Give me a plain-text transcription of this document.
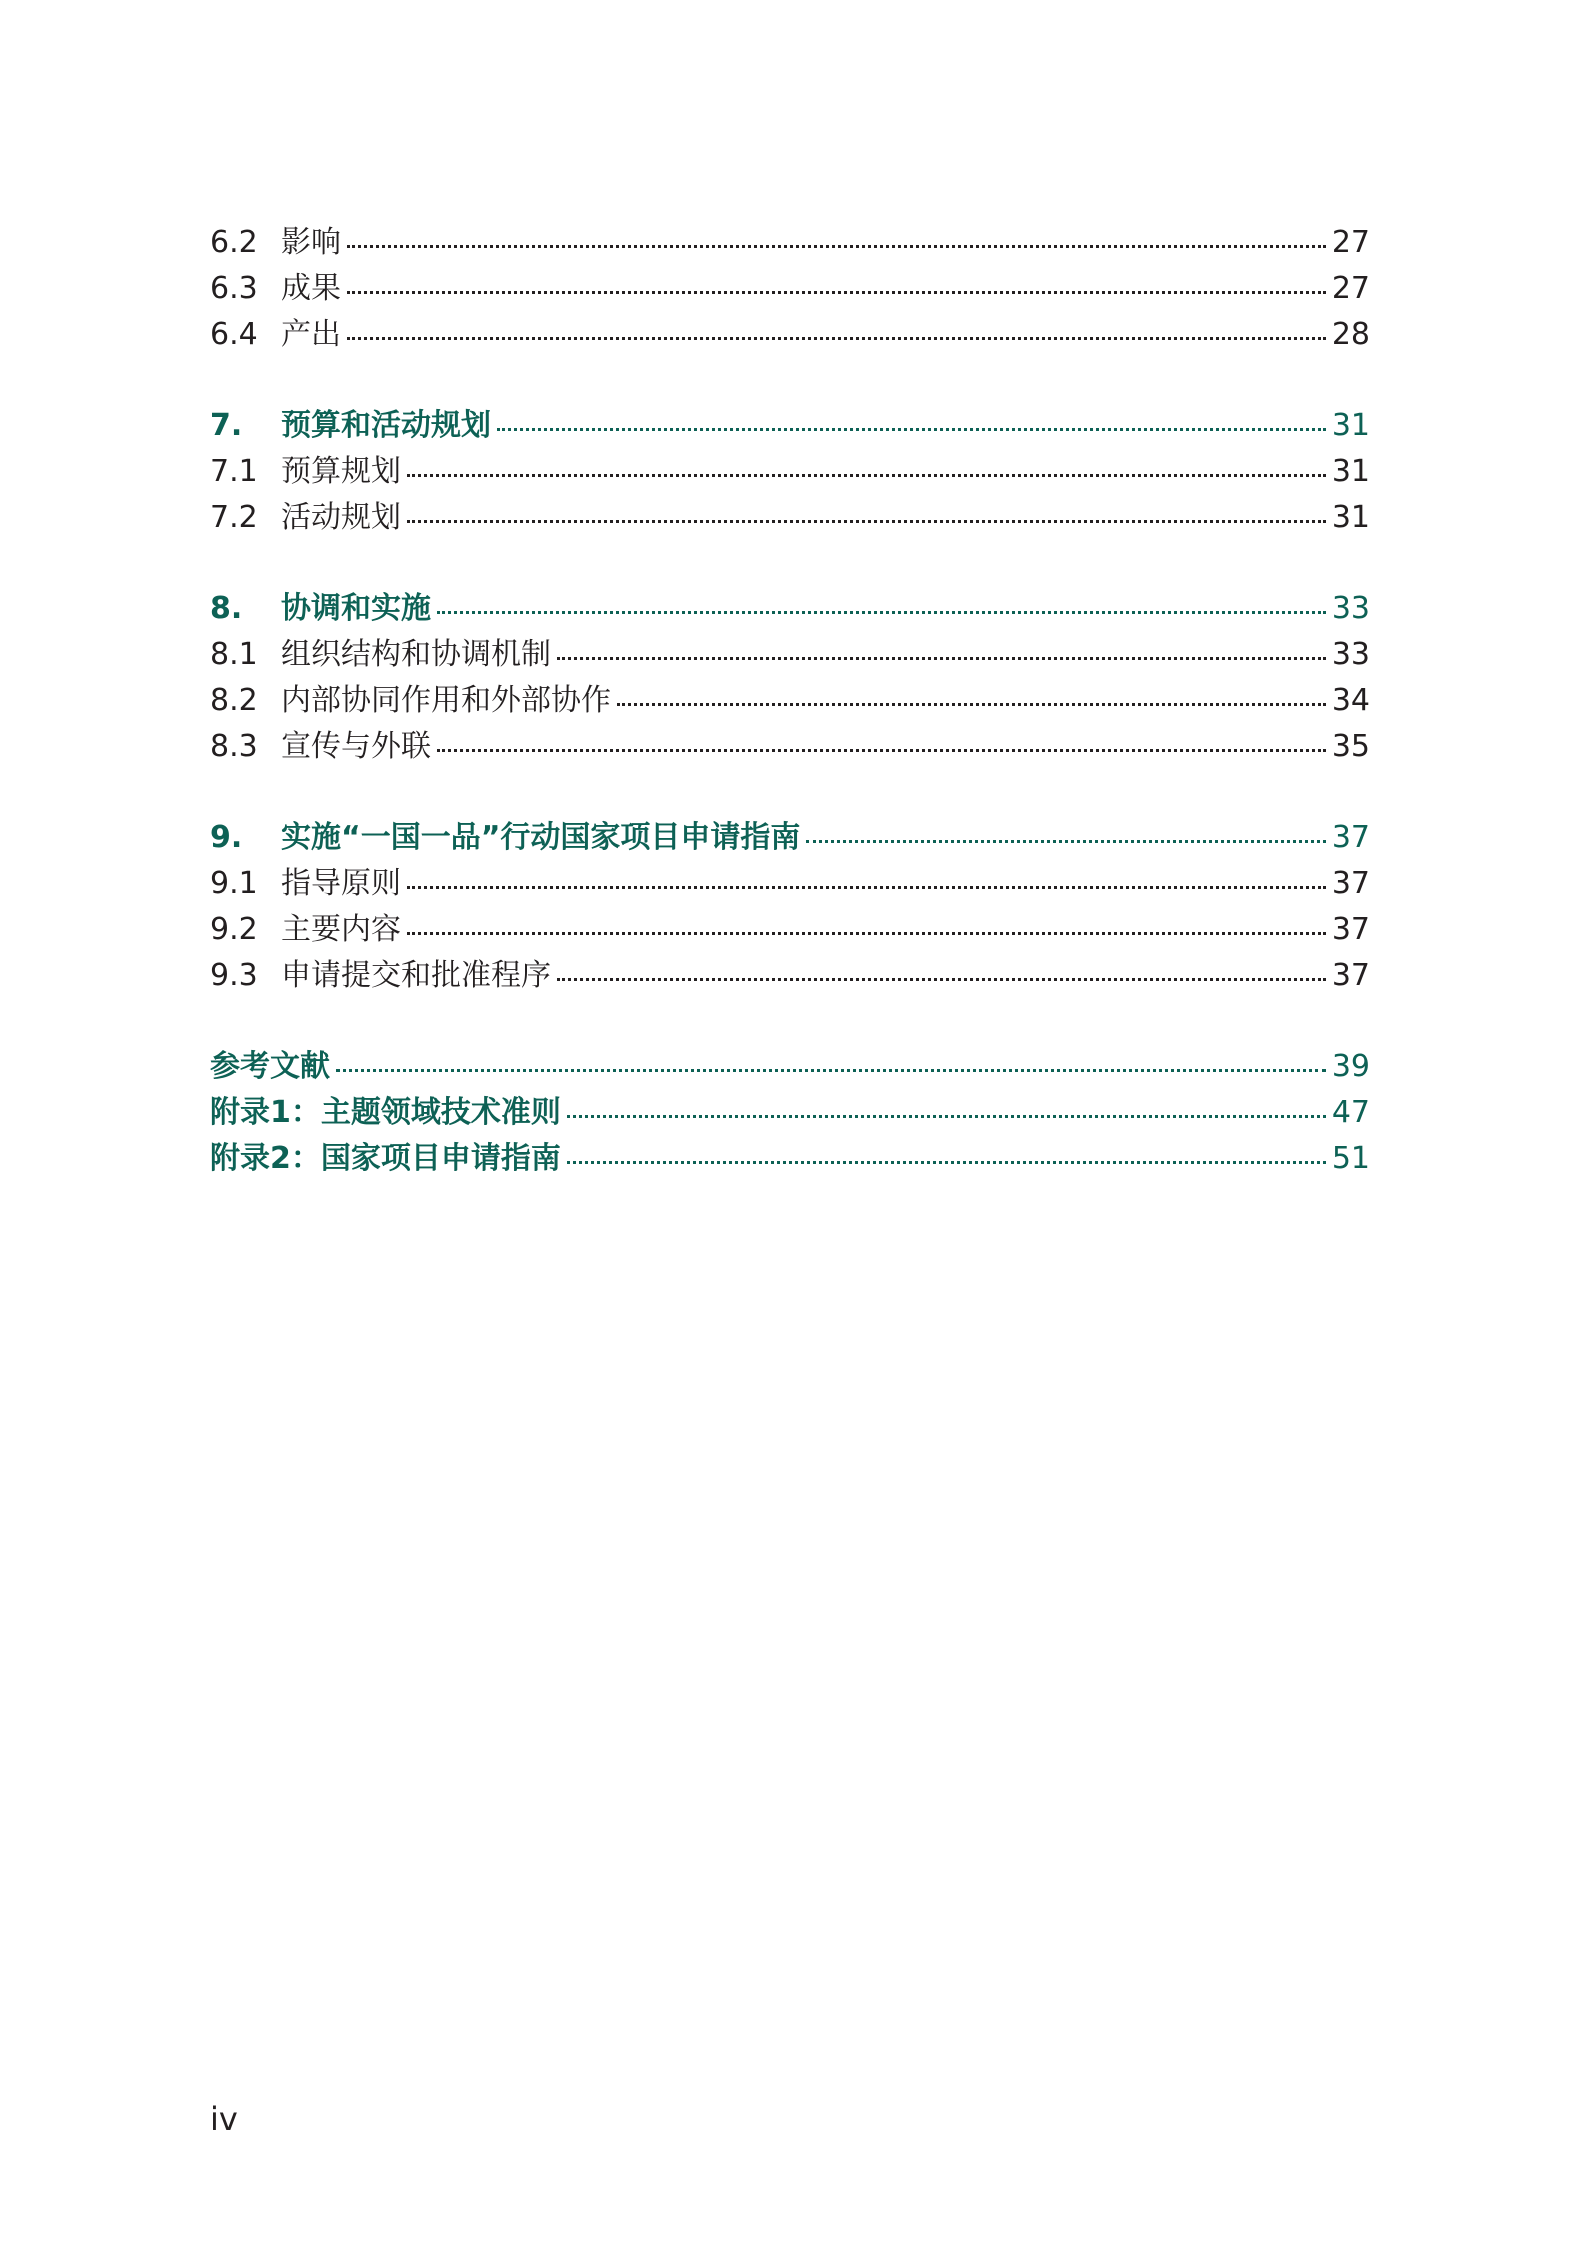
6.2 影响	27
6.3 成果	27
6.4 产出	28
7.	预算和活动规划	31
7.1 预算规划	31
7.2 活动规划	31
8.	协调和实施	33
8.1 组织结构和协调机制	33
8.2 内部协同作用和外部协作	34
8.3 宣传与外联	35
9.	实施“一国一品”行动国家项目申请指南	37
9.1 指导原则	37
9.2 主要内容	37
9.3 申请提交和批准程序	37
参考文献	39
附录1：主题领域技术准则	47
附录2：国家项目申请指南	51
iv
